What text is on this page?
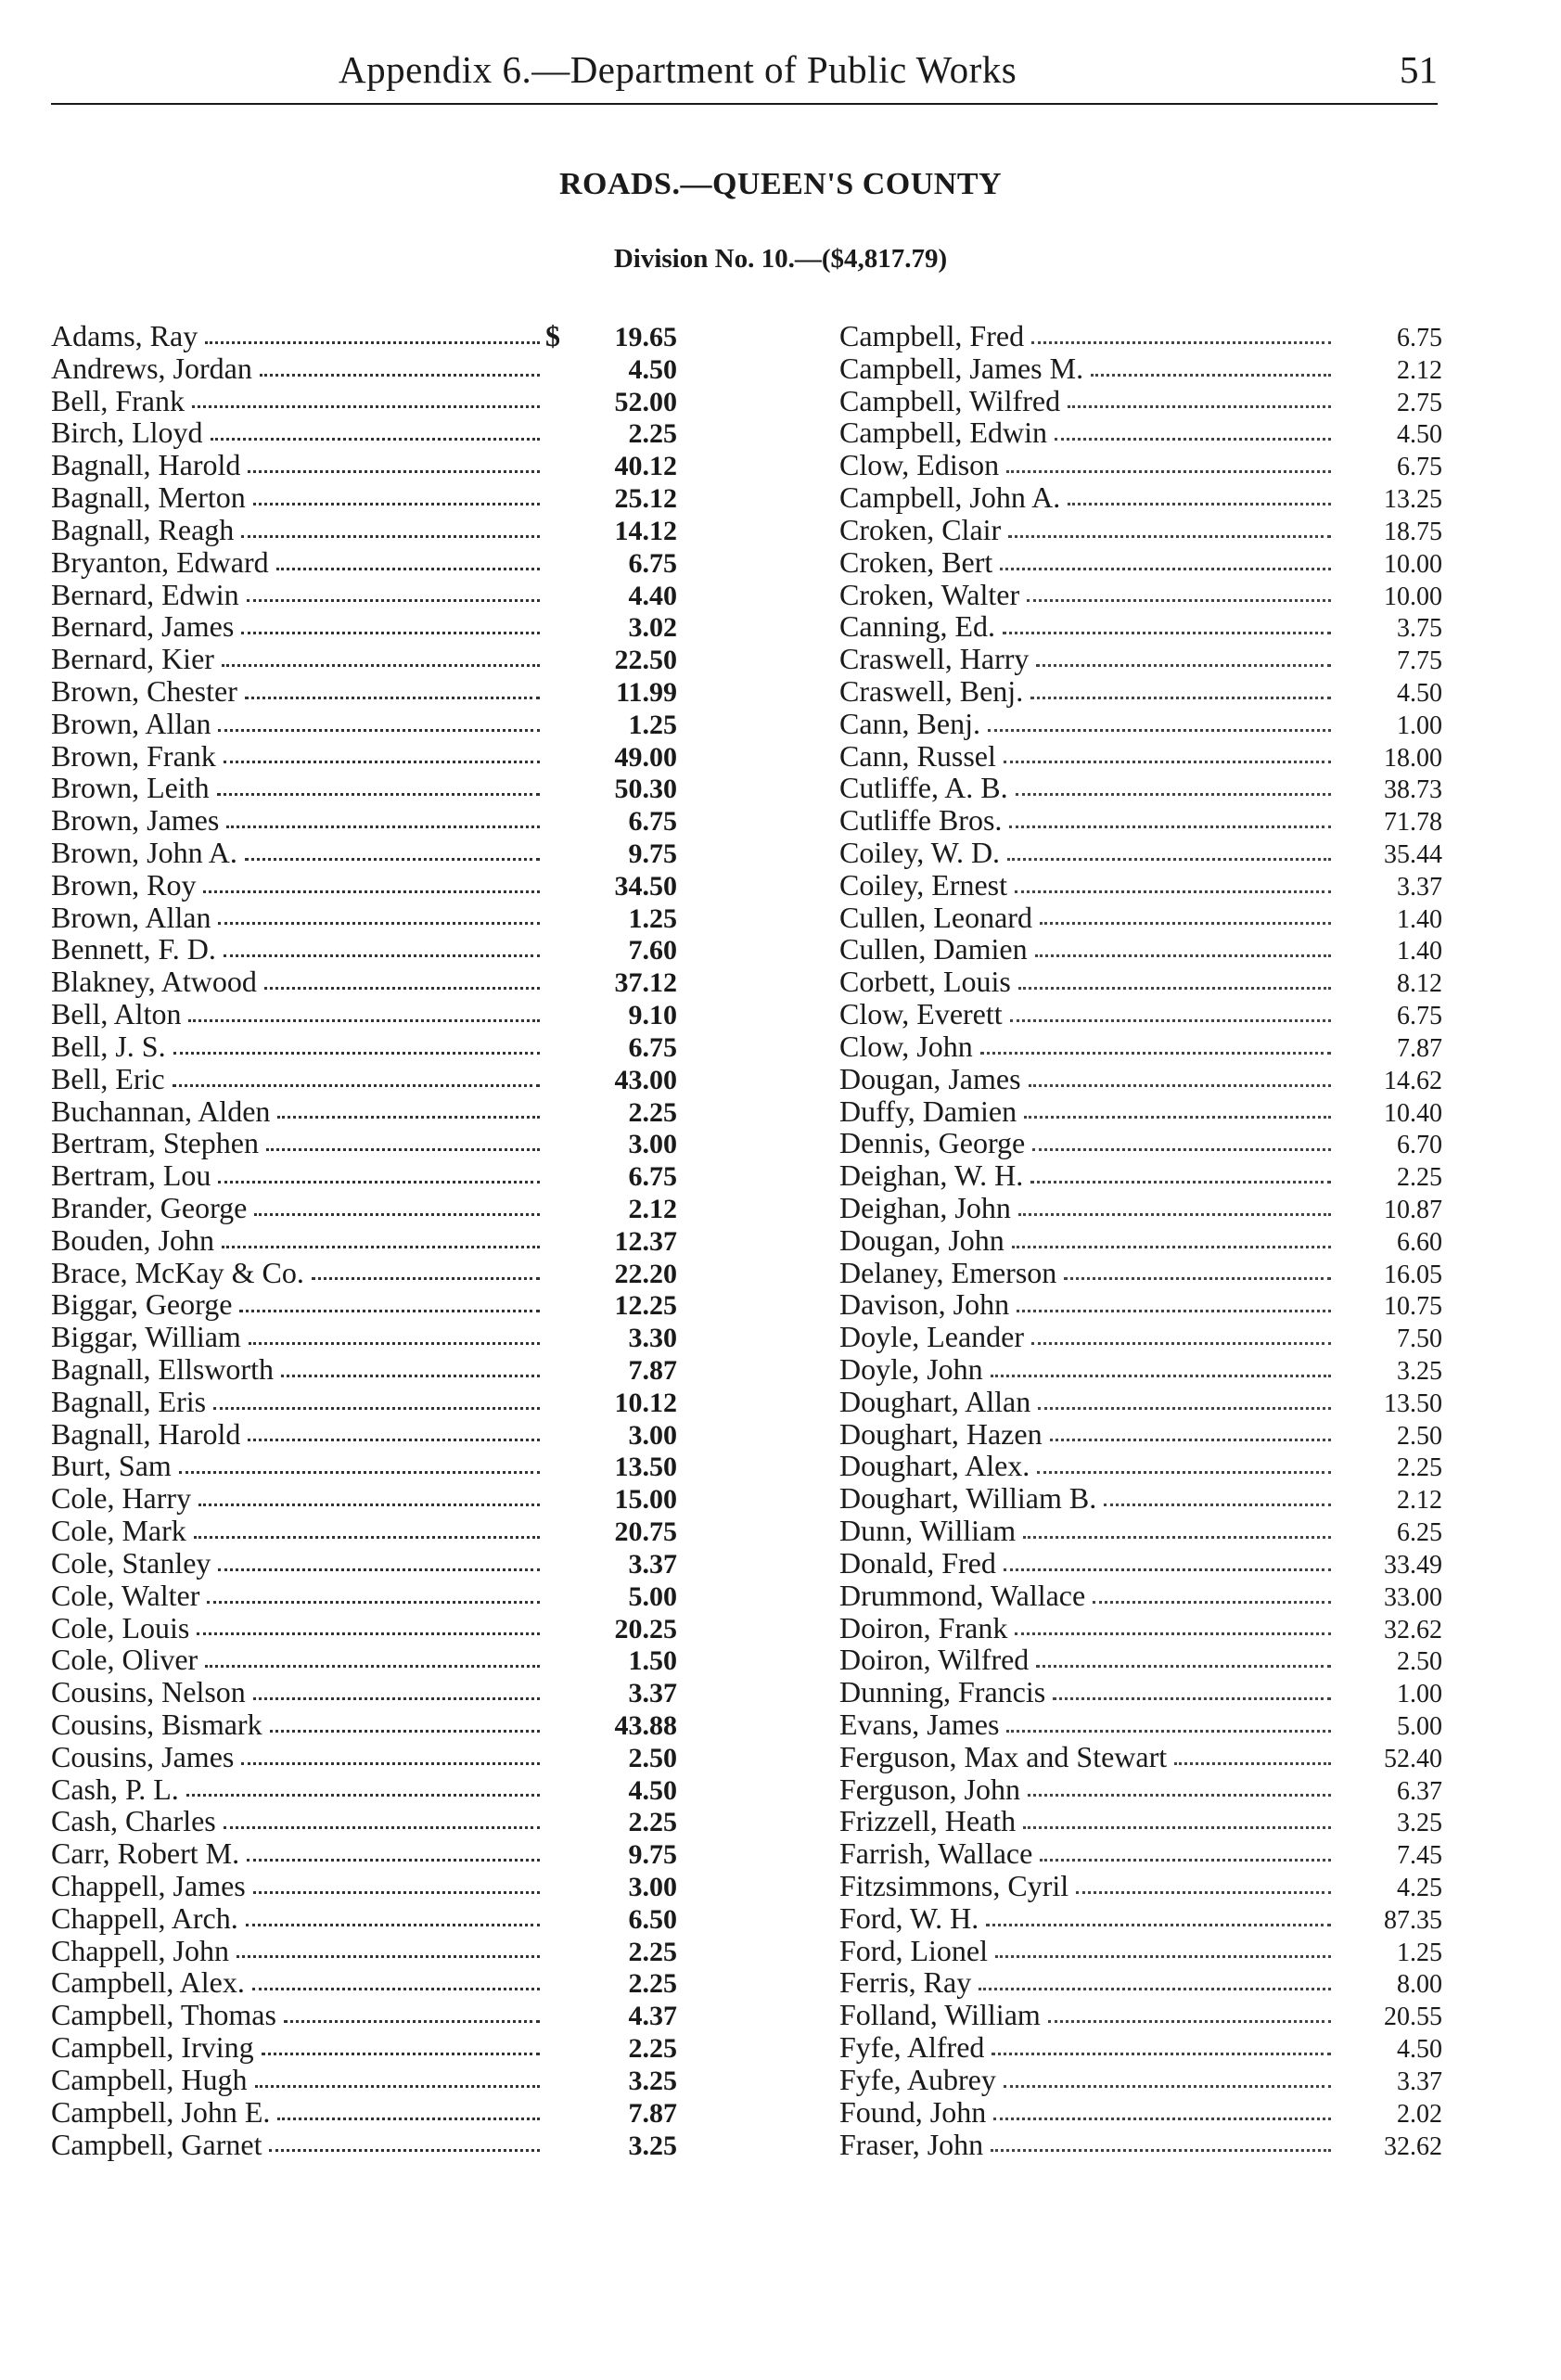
Appendix 6.—Department of Public Works	51
ROADS.—QUEEN'S COUNTY
Division No. 10.—($4,817.79)
Adams, Ray	$	19.65
Andrews, Jordan	4.50
Bell, Frank	52.00
Birch, Lloyd	2.25
Bagnall, Harold	40.12
Bagnall, Merton	25.12
Bagnall, Reagh	14.12
Bryanton, Edward	6.75
Bernard, Edwin	4.40
Bernard, James	3.02
Bernard, Kier	22.50
Brown, Chester	11.99
Brown, Allan	1.25
Brown, Frank	49.00
Brown, Leith	50.30
Brown, James	6.75
Brown, John A.	9.75
Brown, Roy	34.50
Brown, Allan	1.25
Bennett, F. D.	7.60
Blakney, Atwood	37.12
Bell, Alton	9.10
Bell, J. S.	6.75
Bell, Eric	43.00
Buchannan, Alden	2.25
Bertram, Stephen	3.00
Bertram, Lou	6.75
Brander, George	2.12
Bouden, John	12.37
Brace, McKay & Co.	22.20
Biggar, George	12.25
Biggar, William	3.30
Bagnall, Ellsworth	7.87
Bagnall, Eris	10.12
Bagnall, Harold	3.00
Burt, Sam	13.50
Cole, Harry	15.00
Cole, Mark	20.75
Cole, Stanley	3.37
Cole, Walter	5.00
Cole, Louis	20.25
Cole, Oliver	1.50
Cousins, Nelson	3.37
Cousins, Bismark	43.88
Cousins, James	2.50
Cash, P. L.	4.50
Cash, Charles	2.25
Carr, Robert M.	9.75
Chappell, James	3.00
Chappell, Arch.	6.50
Chappell, John	2.25
Campbell, Alex.	2.25
Campbell, Thomas	4.37
Campbell, Irving	2.25
Campbell, Hugh	3.25
Campbell, John E.	7.87
Campbell, Garnet	3.25
Campbell, Fred	6.75
Campbell, James M.	2.12
Campbell, Wilfred	2.75
Campbell, Edwin	4.50
Clow, Edison	6.75
Campbell, John A.	13.25
Croken, Clair	18.75
Croken, Bert	10.00
Croken, Walter	10.00
Canning, Ed.	3.75
Craswell, Harry	7.75
Craswell, Benj.	4.50
Cann, Benj.	1.00
Cann, Russel	18.00
Cutliffe, A. B.	38.73
Cutliffe Bros.	71.78
Coiley, W. D.	35.44
Coiley, Ernest	3.37
Cullen, Leonard	1.40
Cullen, Damien	1.40
Corbett, Louis	8.12
Clow, Everett	6.75
Clow, John	7.87
Dougan, James	14.62
Duffy, Damien	10.40
Dennis, George	6.70
Deighan, W. H.	2.25
Deighan, John	10.87
Dougan, John	6.60
Delaney, Emerson	16.05
Davison, John	10.75
Doyle, Leander	7.50
Doyle, John	3.25
Doughart, Allan	13.50
Doughart, Hazen	2.50
Doughart, Alex.	2.25
Doughart, William B.	2.12
Dunn, William	6.25
Donald, Fred	33.49
Drummond, Wallace	33.00
Doiron, Frank	32.62
Doiron, Wilfred	2.50
Dunning, Francis	1.00
Evans, James	5.00
Ferguson, Max and Stewart	52.40
Ferguson, John	6.37
Frizzell, Heath	3.25
Farrish, Wallace	7.45
Fitzsimmons, Cyril	4.25
Ford, W. H.	87.35
Ford, Lionel	1.25
Ferris, Ray	8.00
Folland, William	20.55
Fyfe, Alfred	4.50
Fyfe, Aubrey	3.37
Found, John	2.02
Fraser, John	32.62
